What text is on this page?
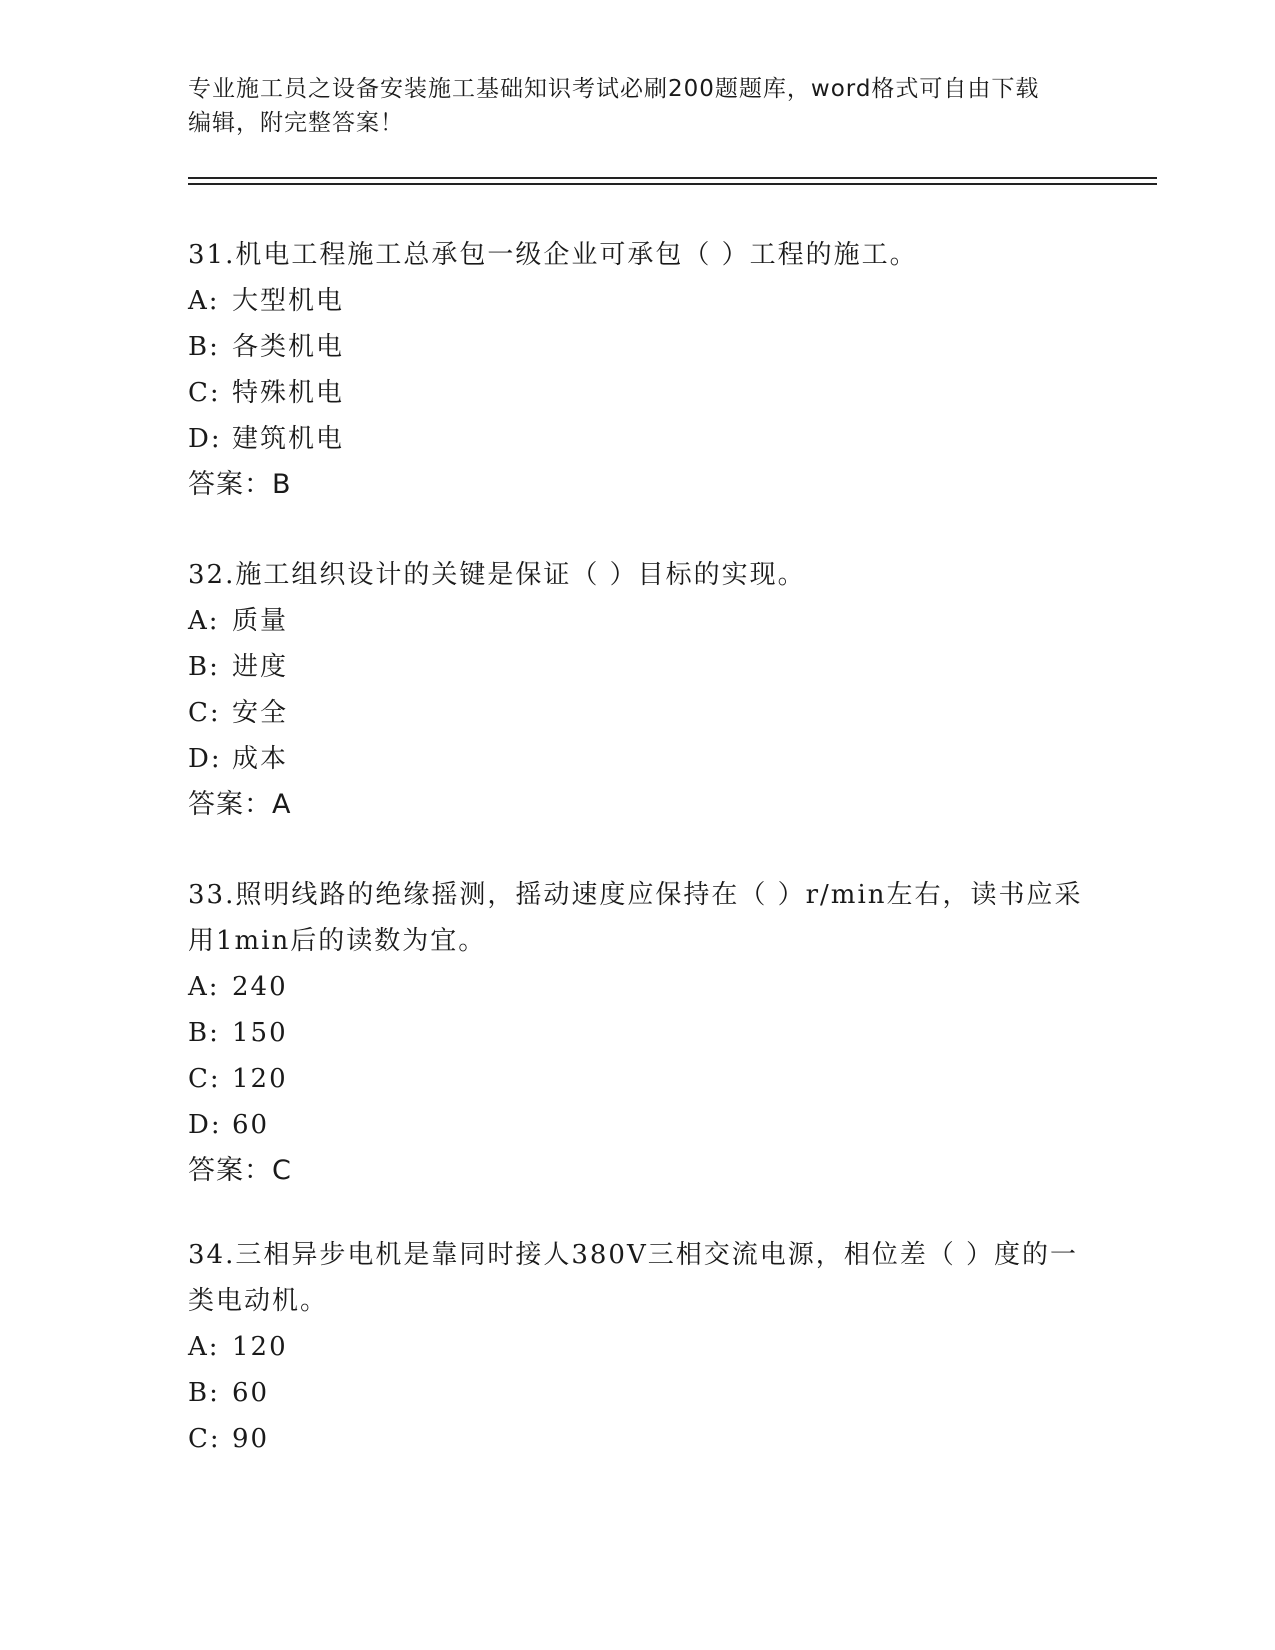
专业施工员之设备安装施工基础知识考试必刷200题题库，word格式可自由下载
编辑，附完整答案！
31.机电工程施工总承包一级企业可承包（ ）工程的施工。
A: 大型机电
B: 各类机电
C: 特殊机电
D: 建筑机电
答案：B
32.施工组织设计的关键是保证（ ）目标的实现。
A: 质量
B: 进度
C: 安全
D: 成本
答案：A
33.照明线路的绝缘摇测，摇动速度应保持在（ ）r/min左右，读书应采用1min后的读数为宜。
A: 240
B: 150
C: 120
D: 60
答案：C
34.三相异步电机是靠同时接人380V三相交流电源，相位差（ ）度的一类电动机。
A: 120
B: 60
C: 90
